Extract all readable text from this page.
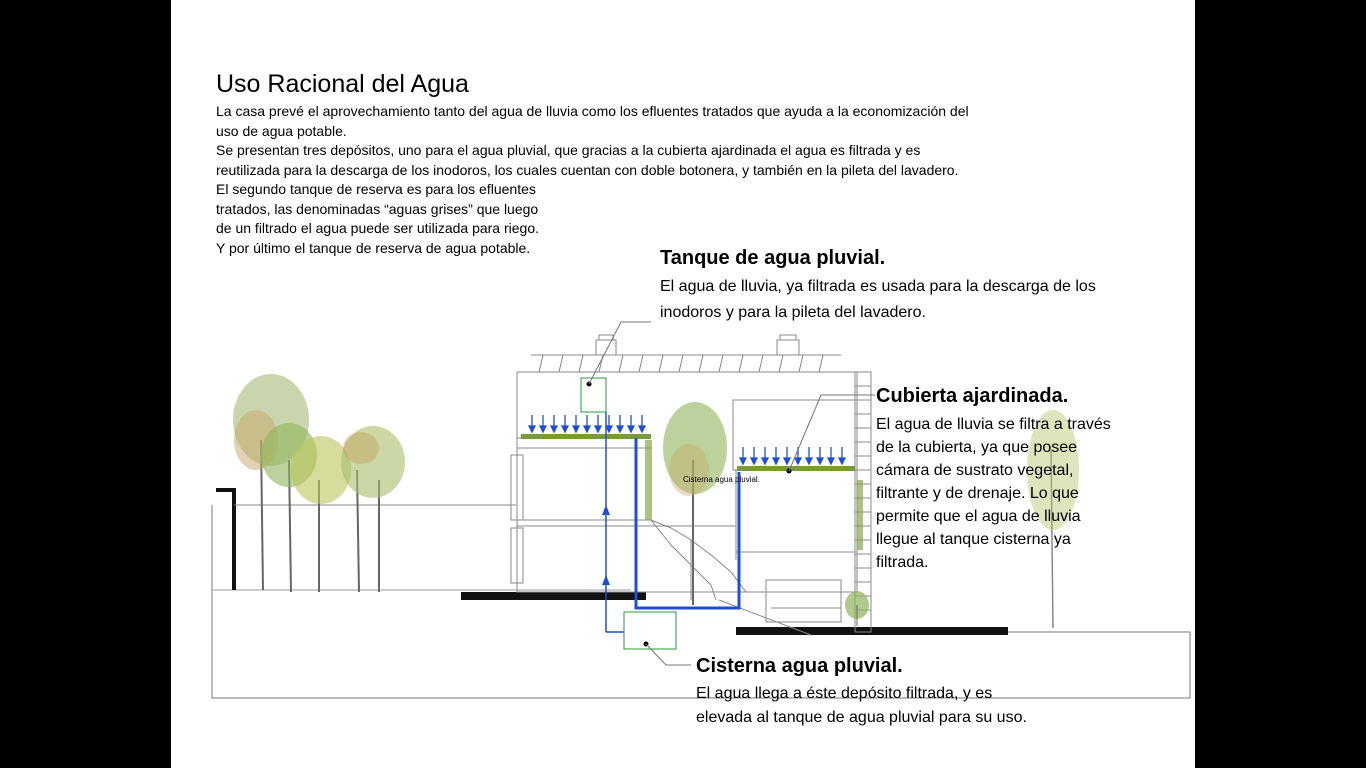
Cisterna agua pluvial.
Uso Racional del Agua
La casa prevé el aprovechamiento tanto del agua de lluvia como los efluentes tratados que ayuda a la economización del
uso de agua potable.
Se presentan tres depósitos, uno para el agua pluvial, que gracias a la cubierta ajardinada el agua es filtrada y es
reutilizada para la descarga de los inodoros, los cuales cuentan con doble botonera, y también en la pileta del lavadero.
El segundo tanque de reserva es para los efluentes
tratados, las denominadas “aguas grises” que luego
de un filtrado el agua puede ser utilizada para riego.
Y por último el tanque de reserva de agua potable.	Tanque de agua pluvial.
El agua de lluvia, ya filtrada es usada para la descarga de los
inodoros y para la pileta del lavadero.
Cubierta ajardinada.
El agua de lluvia se filtra a través
de la cubierta, ya que posee
cámara de sustrato vegetal,
filtrante y de drenaje. Lo que
permite que el agua de lluvia
llegue al tanque cisterna ya
filtrada.
Cisterna agua pluvial.
El agua llega a éste depósito filtrada, y es
elevada al tanque de agua pluvial para su uso.
